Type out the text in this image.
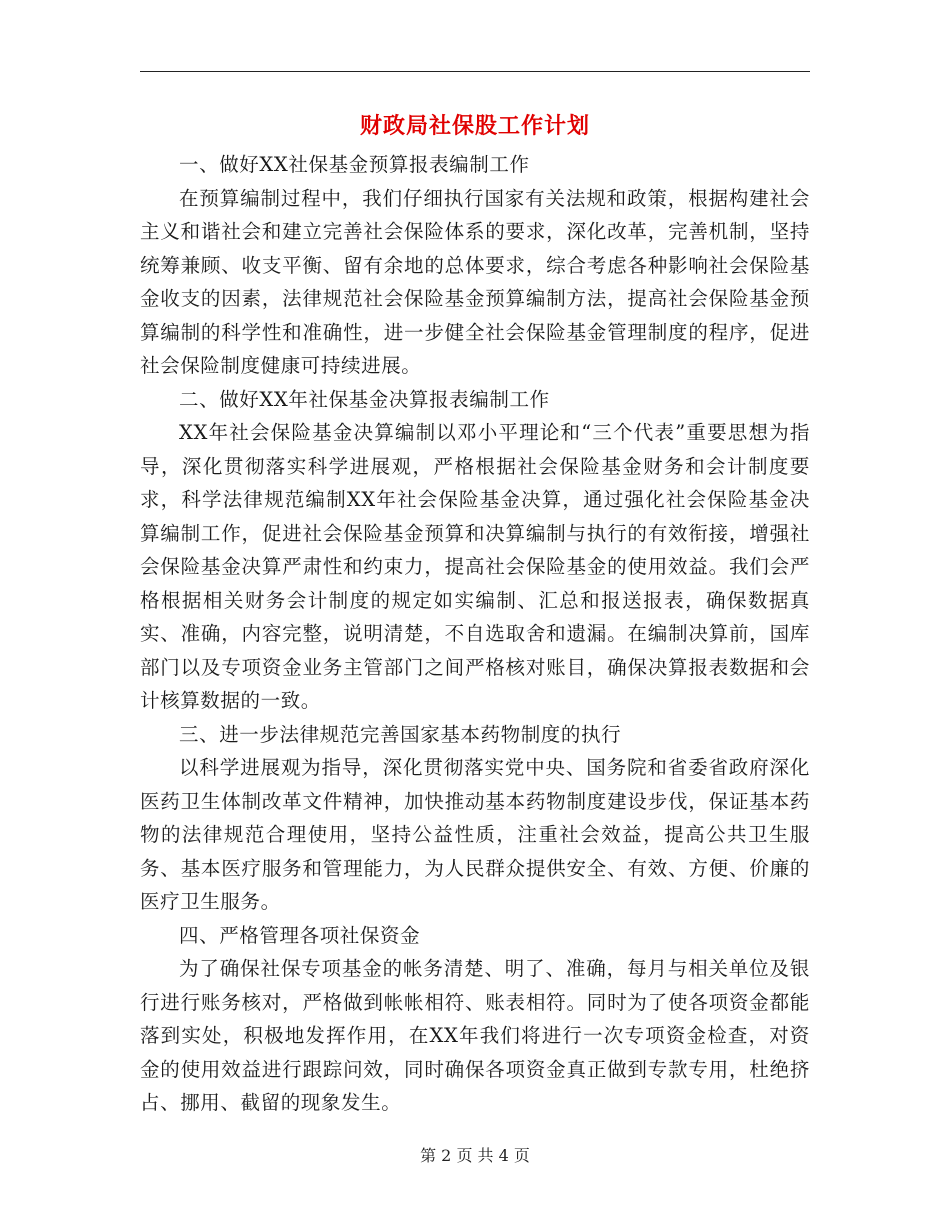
财政局社保股工作计划

一、做好XX社保基金预算报表编制工作

在预算编制过程中，我们仔细执行国家有关法规和政策，根据构建社会主义和谐社会和建立完善社会保险体系的要求，深化改革，完善机制，坚持统筹兼顾、收支平衡、留有余地的总体要求，综合考虑各种影响社会保险基金收支的因素，法律规范社会保险基金预算编制方法，提高社会保险基金预算编制的科学性和准确性，进一步健全社会保险基金管理制度的程序，促进社会保险制度健康可持续进展。

二、做好XX年社保基金决算报表编制工作

XX年社会保险基金决算编制以邓小平理论和“三个代表”重要思想为指导，深化贯彻落实科学进展观，严格根据社会保险基金财务和会计制度要求，科学法律规范编制XX年社会保险基金决算，通过强化社会保险基金决算编制工作，促进社会保险基金预算和决算编制与执行的有效衔接，增强社会保险基金决算严肃性和约束力，提高社会保险基金的使用效益。我们会严格根据相关财务会计制度的规定如实编制、汇总和报送报表，确保数据真实、准确，内容完整，说明清楚，不自选取舍和遗漏。在编制决算前，国库部门以及专项资金业务主管部门之间严格核对账目，确保决算报表数据和会计核算数据的一致。

三、进一步法律规范完善国家基本药物制度的执行

以科学进展观为指导，深化贯彻落实党中央、国务院和省委省政府深化医药卫生体制改革文件精神，加快推动基本药物制度建设步伐，保证基本药物的法律规范合理使用，坚持公益性质，注重社会效益，提高公共卫生服务、基本医疗服务和管理能力，为人民群众提供安全、有效、方便、价廉的医疗卫生服务。

四、严格管理各项社保资金

为了确保社保专项基金的帐务清楚、明了、准确，每月与相关单位及银行进行账务核对，严格做到帐帐相符、账表相符。同时为了使各项资金都能落到实处，积极地发挥作用，在XX年我们将进行一次专项资金检查，对资金的使用效益进行跟踪问效，同时确保各项资金真正做到专款专用，杜绝挤占、挪用、截留的现象发生。

第 2 页 共 4 页
